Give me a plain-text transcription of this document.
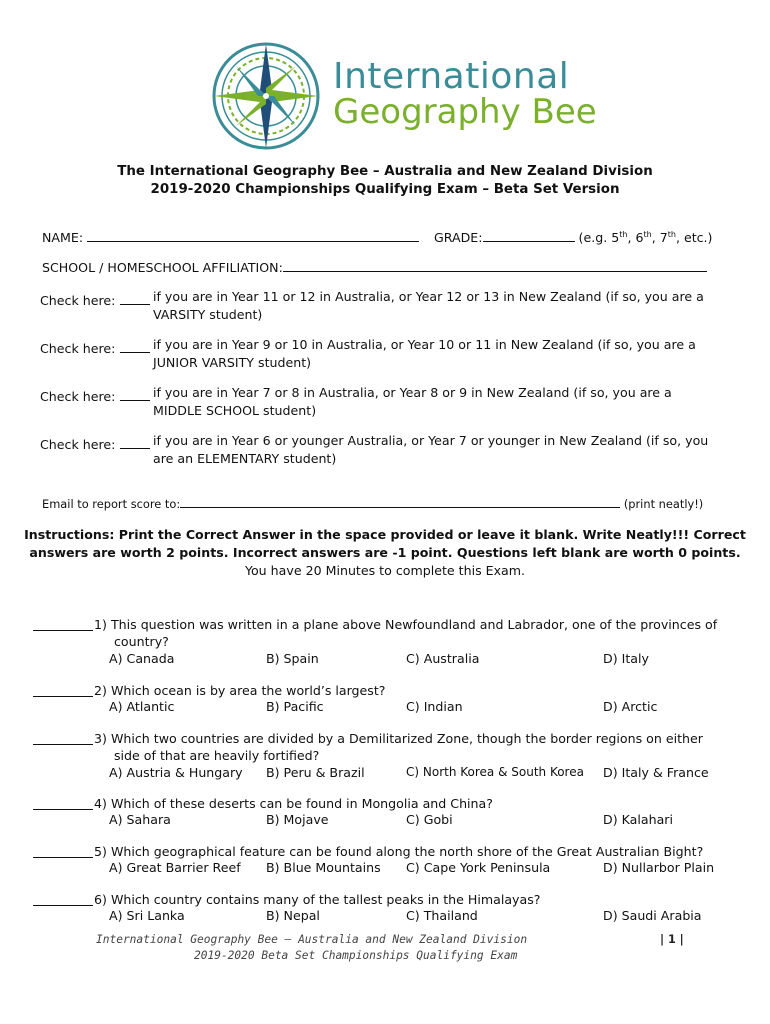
International
Geography Bee
The International Geography Bee – Australia and New Zealand Division
2019-2020 Championships Qualifying Exam – Beta Set Version
NAME:	GRADE:	(e.g. 5th, 6th, 7th, etc.)
SCHOOL / HOMESCHOOL AFFILIATION:
Check here:	if you are in Year 11 or 12 in Australia, or Year 12 or 13 in New Zealand (if so, you are a
VARSITY student)
Check here:	if you are in Year 9 or 10 in Australia, or Year 10 or 11 in New Zealand (if so, you are a
JUNIOR VARSITY student)
Check here:	if you are in Year 7 or 8 in Australia, or Year 8 or 9 in New Zealand (if so, you are a
MIDDLE SCHOOL student)
Check here:	if you are in Year 6 or younger Australia, or Year 7 or younger in New Zealand (if so, you
are an ELEMENTARY student)
Email to report score to:	(print neatly!)
Instructions: Print the Correct Answer in the space provided or leave it blank. Write Neatly!!! Correct
answers are worth 2 points. Incorrect answers are -1 point. Questions left blank are worth 0 points.
You have 20 Minutes to complete this Exam.
1) This question was written in a plane above Newfoundland and Labrador, one of the provinces of
country?
A) Canada	B) Spain	C) Australia	D) Italy
2) Which ocean is by area the world’s largest?
A) Atlantic	B) Pacific	C) Indian	D) Arctic
3) Which two countries are divided by a Demilitarized Zone, though the border regions on either
side of that are heavily fortified?
A) Austria & Hungary B) Peru & Brazil	C) North Korea & South Korea D) Italy & France
4) Which of these deserts can be found in Mongolia and China?
A) Sahara	B) Mojave	C) Gobi	D) Kalahari
5) Which geographical feature can be found along the north shore of the Great Australian Bight?
A) Great Barrier Reef B) Blue Mountains C) Cape York Peninsula	D) Nullarbor Plain
6) Which country contains many of the tallest peaks in the Himalayas?
A) Sri Lanka	B) Nepal	C) Thailand	D) Saudi Arabia
International Geography Bee – Australia and New Zealand Division	| 1 |
2019-2020 Beta Set Championships Qualifying Exam
